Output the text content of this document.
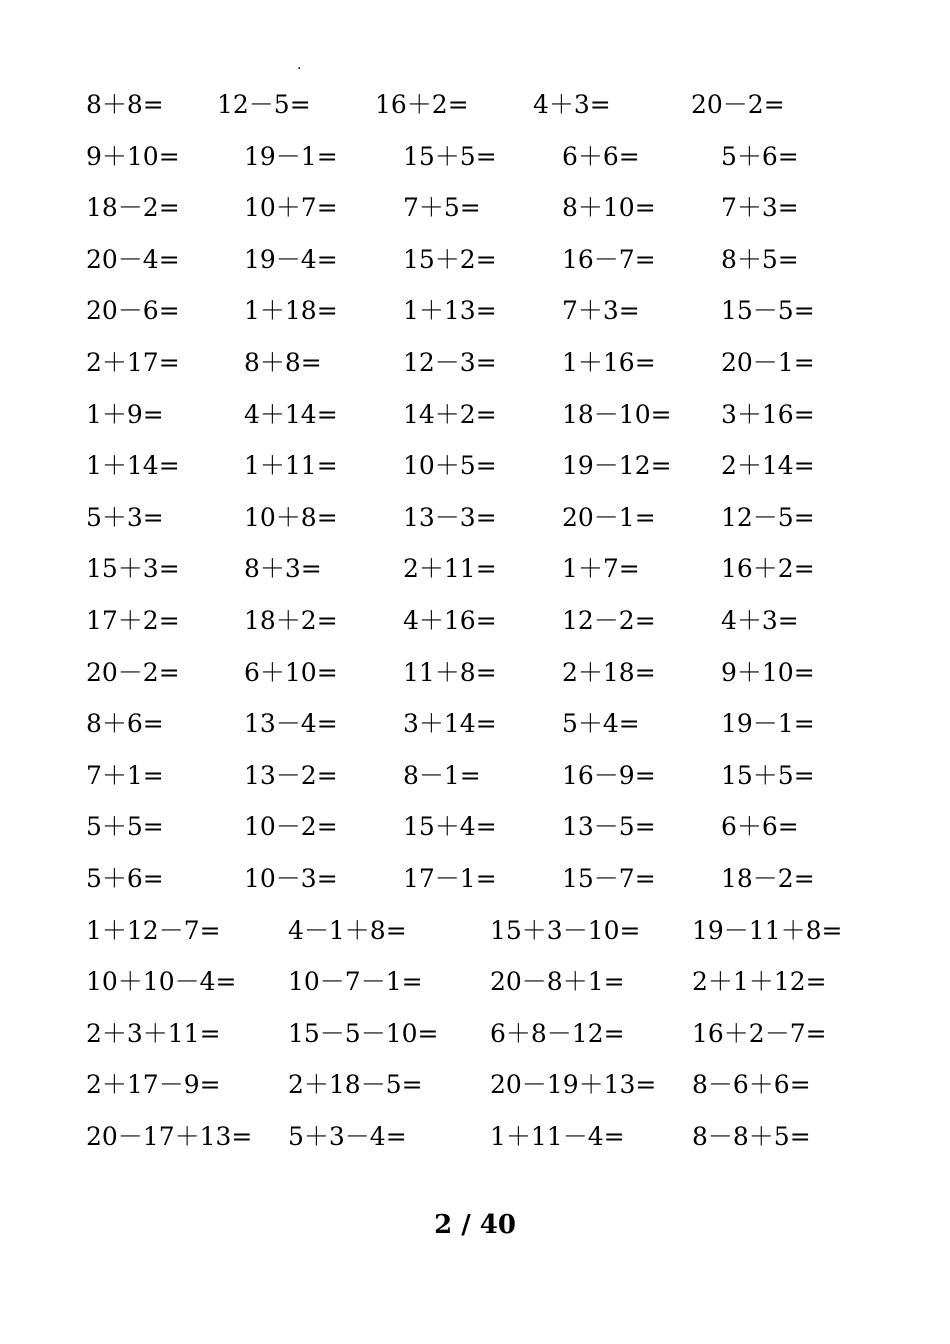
.
8＋8= 12－5=	16＋2=	4＋3=	20－2=
9＋10=	19－1=	15＋5=	6＋6=	5＋6=
18－2=	10＋7=	7＋5=	8＋10=	7＋3=
20－4=	19－4=	15＋2=	16－7=	8＋5=
20－6=	1＋18=	1＋13=	7＋3=	15－5=
2＋17=	8＋8=	12－3=	1＋16=	20－1=
1＋9=	4＋14=	14＋2=	18－10= 3＋16=
1＋14=	1＋11=	10＋5=	19－12= 2＋14=
5＋3=	10＋8=	13－3=	20－1=	12－5=
15＋3=	8＋3=	2＋11=	1＋7=	16＋2=
17＋2=	18＋2=	4＋16=	12－2=	4＋3=
20－2=	6＋10=	11＋8=	2＋18=	9＋10=
8＋6=	13－4=	3＋14=	5＋4=	19－1=
7＋1=	13－2=	8－1=	16－9=	15＋5=
5＋5=	10－2=	15＋4=	13－5=	6＋6=
5＋6=	10－3=	17－1=	15－7=	18－2=
1＋12－7=	4－1＋8=	15＋3－10= 19－11＋8=
10＋10－4= 10－7－1=	20－8＋1=	2＋1＋12=
2＋3＋11=	15－5－10= 6＋8－12=	16＋2－7=
2＋17－9=	2＋18－5=	20－19＋13= 8－6＋6=
20－17＋13= 5＋3－4=	1＋11－4=	8－8＋5=
2 / 40
